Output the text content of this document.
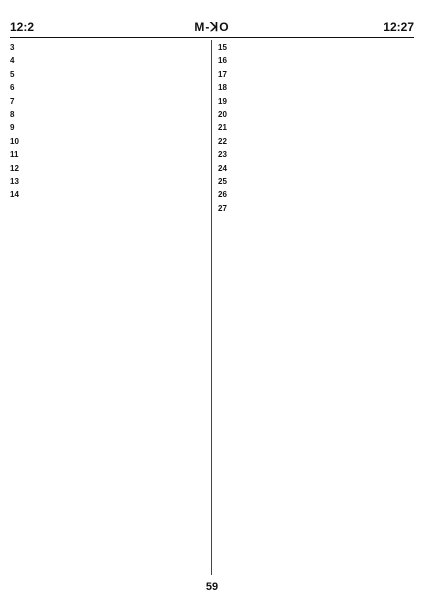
12:2	M-ꓘO	12:27

3

4

5

6

7

8

9

10

11

12

13

14

15

16

17

18

19

20

21

22

23

24

25

26

27

59
